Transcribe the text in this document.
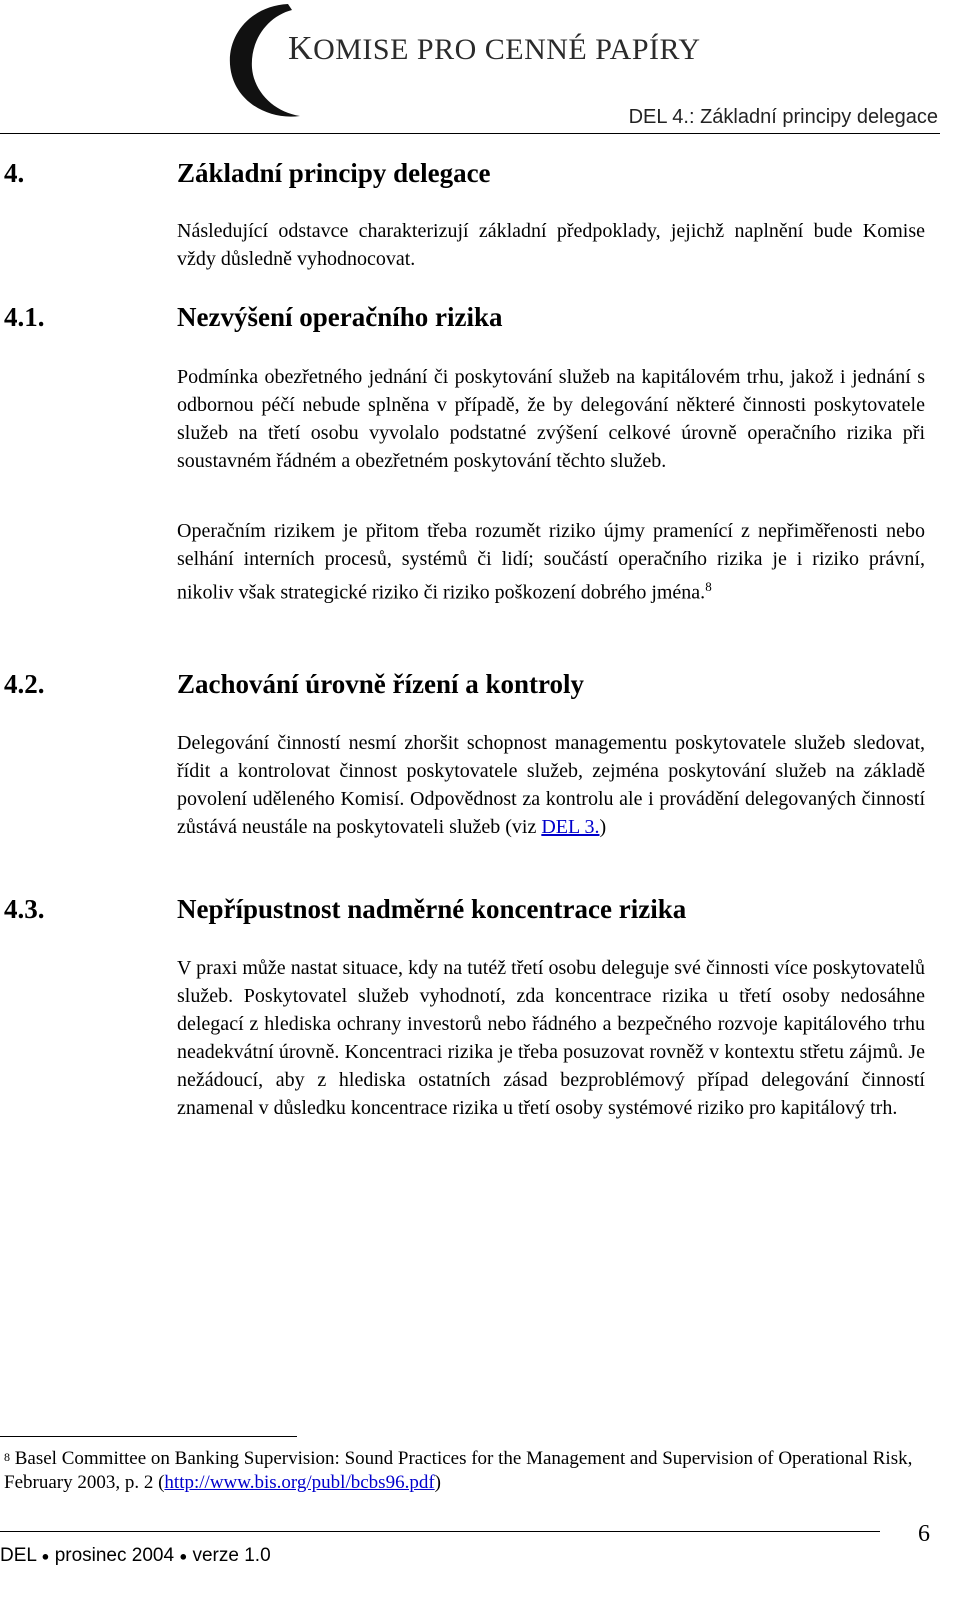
KOMISE PRO CENNÉ PAPÍRY
DEL 4.: Základní principy delegace
4.	Základní principy delegace
Následující odstavce charakterizují základní předpoklady, jejichž naplnění bude Komise vždy důsledně vyhodnocovat.
4.1.	Nezvýšení operačního rizika
Podmínka obezřetného jednání či poskytování služeb na kapitálovém trhu, jakož i jednání s odbornou péčí nebude splněna v případě, že by delegování některé činnosti poskytovatele služeb na třetí osobu vyvolalo podstatné zvýšení celkové úrovně operačního rizika při soustavném řádném a obezřetném poskytování těchto služeb.
Operačním rizikem je přitom třeba rozumět riziko újmy pramenící z nepřiměřenosti nebo selhání interních procesů, systémů či lidí; součástí operačního rizika je i riziko právní, nikoliv však strategické riziko či riziko poškození dobrého jména.$^8$
4.2.	Zachování úrovně řízení a kontroly
Delegování činností nesmí zhoršit schopnost managementu poskytovatele služeb sledovat, řídit a kontrolovat činnost poskytovatele služeb, zejména poskytování služeb na základě povolení uděleného Komisí. Odpovědnost za kontrolu ale i provádění delegovaných činností zůstává neustále na poskytovateli služeb (viz DEL 3.)
4.3.	Nepřípustnost nadměrné koncentrace rizika
V praxi může nastat situace, kdy na tutéž třetí osobu deleguje své činnosti více poskytovatelů služeb. Poskytovatel služeb vyhodnotí, zda koncentrace rizika u třetí osoby nedosáhne delegací z hlediska ochrany investorů nebo řádného a bezpečného rozvoje kapitálového trhu neadekvátní úrovně. Koncentraci rizika je třeba posuzovat rovněž v kontextu střetu zájmů. Je nežádoucí, aby z hlediska ostatních zásad bezproblémový případ delegování činností znamenal v důsledku koncentrace rizika u třetí osoby systémové riziko pro kapitálový trh.
$^8$ Basel Committee on Banking Supervision: Sound Practices for the Management and Supervision of Operational Risk, February 2003, p. 2 (http://www.bis.org/publ/bcbs96.pdf)
6
DEL ● prosinec 2004 ● verze 1.0
